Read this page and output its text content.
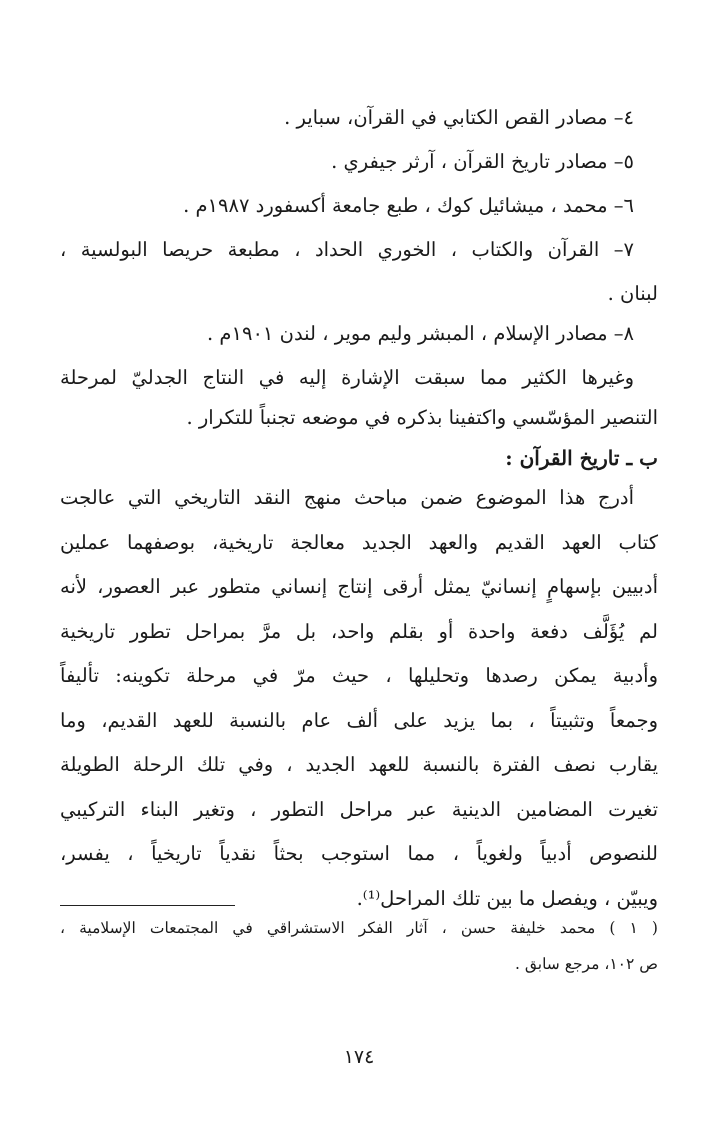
٤– مصادر القص الكتابي في القرآن، سباير .
٥– مصادر تاريخ القرآن ، آرثر جيفري .
٦– محمد ، ميشائيل كوك ، طبع جامعة أكسفورد ١٩٨٧م .
٧– القرآن والكتاب ، الخوري الحداد ، مطبعة حريصا البولسية ،
لبنان .
٨– مصادر الإسلام ، المبشر وليم موير ، لندن ١٩٠١م .
وغيرها الكثير مما سبقت الإشارة إليه في النتاج الجدليّ لمرحلة
التنصير المؤسّسي واكتفينا بذكره في موضعه تجنباً للتكرار .
ب ـ تاريخ القرآن :
أدرج هذا الموضوع ضمن مباحث منهج النقد التاريخي التي عالجت
كتاب العهد القديم والعهد الجديد معالجة تاريخية، بوصفهما عملين
أدبيين بإسهامٍ إنسانيّ يمثل أرقى إنتاج إنساني متطور عبر العصور، لأنه
لم يُؤَلَّف دفعة واحدة أو بقلم واحد، بل مرَّ بمراحل تطور تاريخية
وأدبية يمكن رصدها وتحليلها ، حيث مرّ في مرحلة تكوينه: تأليفاً
وجمعاً وتثبيتاً ، بما يزيد على ألف عام بالنسبة للعهد القديم، وما
يقارب نصف الفترة بالنسبة للعهد الجديد ، وفي تلك الرحلة الطويلة
تغيرت المضامين الدينية عبر مراحل التطور ، وتغير البناء التركيبي
للنصوص أدبياً ولغوياً ، مما استوجب بحثاً نقدياً تاريخياً ، يفسر،
ويبيّن ، ويفصل ما بين تلك المراحل⁽¹⁾.
( ١ ) محمد خليفة حسن ، آثار الفكر الاستشراقي في المجتمعات الإسلامية ،
ص ١٠٢، مرجع سابق .
١٧٤
